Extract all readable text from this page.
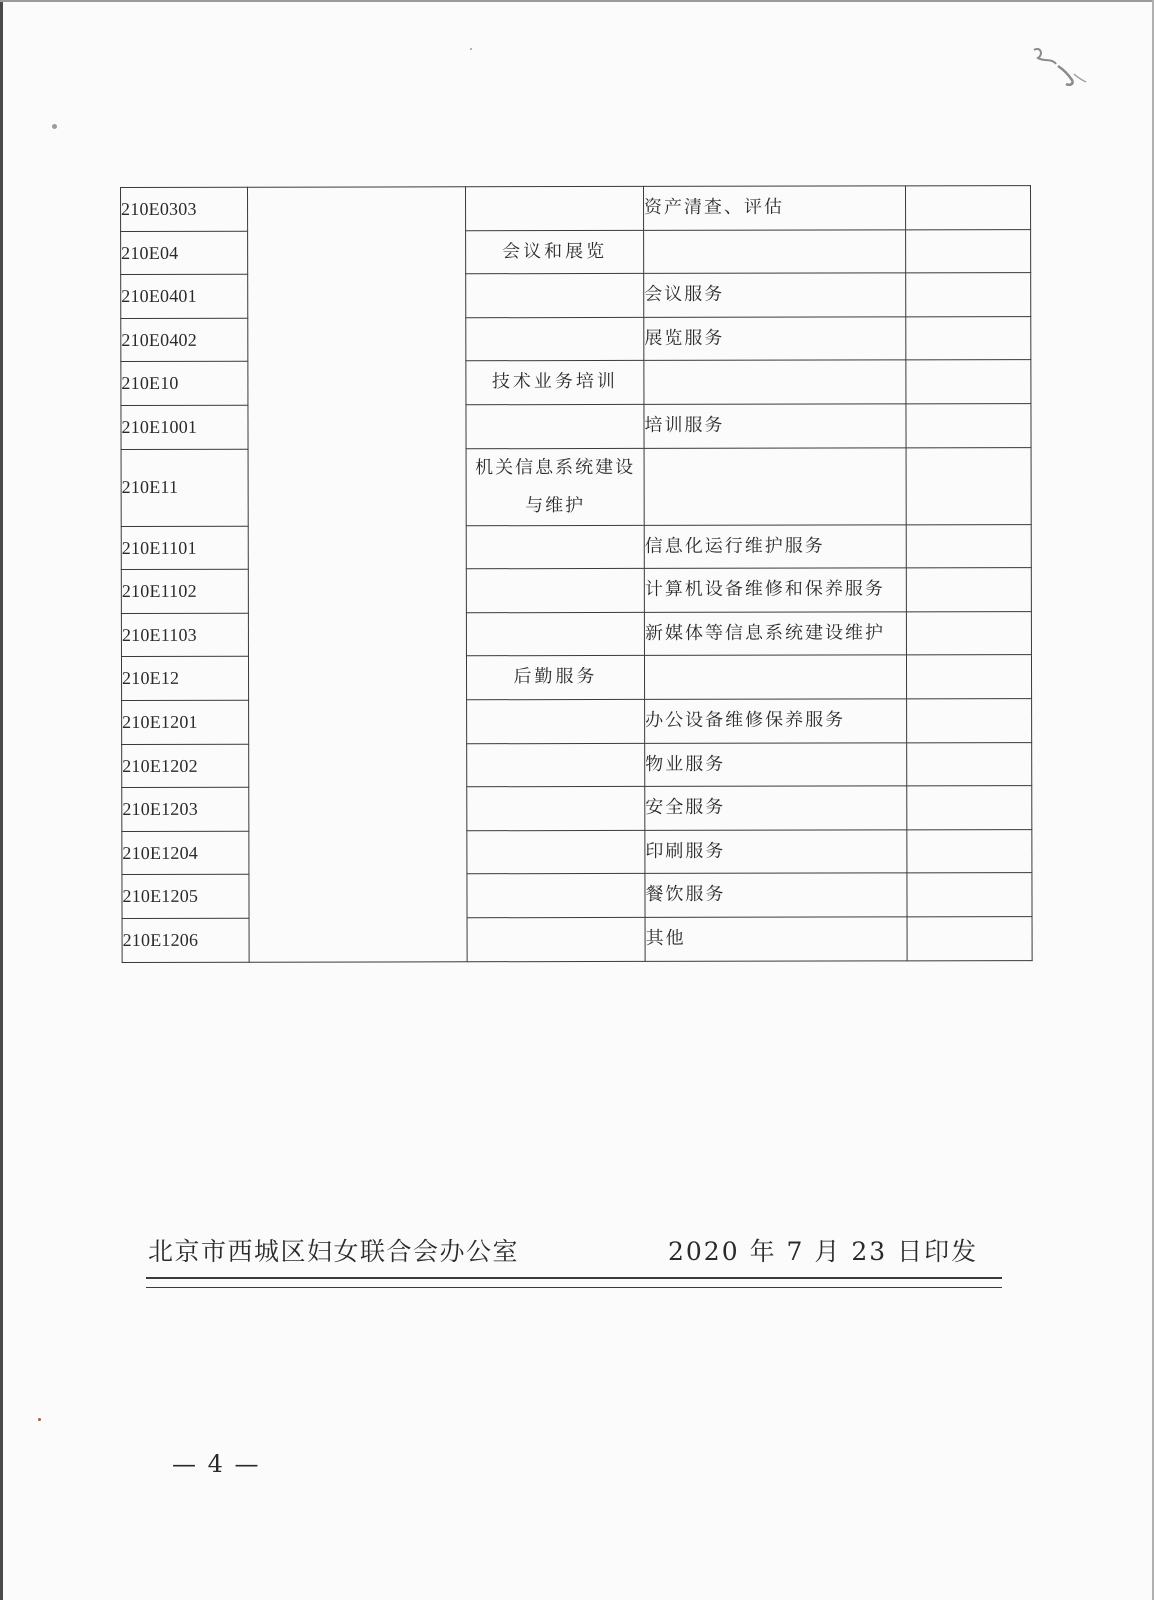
210E0303			资产清查、评估	
210E04		会议和展览		
210E0401			会议服务	
210E0402			展览服务	
210E10		技术业务培训		
210E1001			培训服务	
210E11		机关信息系统建设与维护		
210E1101			信息化运行维护服务	
210E1102			计算机设备维修和保养服务	
210E1103			新媒体等信息系统建设维护	
210E12		后勤服务		
210E1201			办公设备维修保养服务	
210E1202			物业服务	
210E1203			安全服务	
210E1204			印刷服务	
210E1205			餐饮服务	
210E1206			其他	
北京市西城区妇女联合会办公室	2020 年 7 月 23 日印发
— 4 —
